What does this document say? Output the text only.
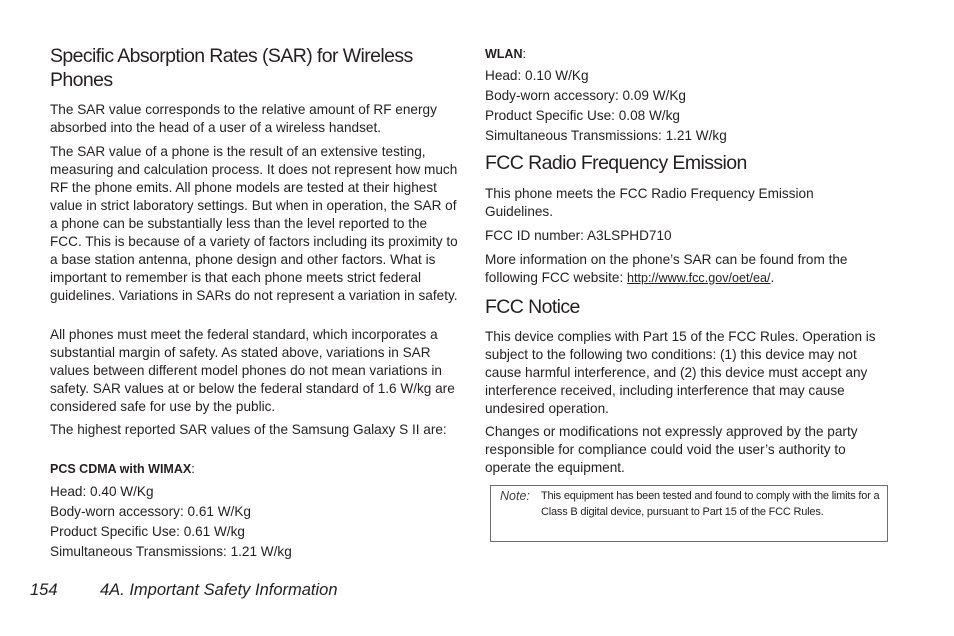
Specific Absorption Rates (SAR) for Wireless Phones

The SAR value corresponds to the relative amount of RF energy absorbed into the head of a user of a wireless handset.

The SAR value of a phone is the result of an extensive testing, measuring and calculation process. It does not represent how much RF the phone emits. All phone models are tested at their highest value in strict laboratory settings. But when in operation, the SAR of a phone can be substantially less than the level reported to the FCC. This is because of a variety of factors including its proximity to a base station antenna, phone design and other factors. What is important to remember is that each phone meets strict federal guidelines. Variations in SARs do not represent a variation in safety.

All phones must meet the federal standard, which incorporates a substantial margin of safety. As stated above, variations in SAR values between different model phones do not mean variations in safety. SAR values at or below the federal standard of 1.6 W/kg are considered safe for use by the public.

The highest reported SAR values of the Samsung Galaxy S II are:

PCS CDMA with WIMAX:
Head: 0.40 W/Kg
Body-worn accessory: 0.61 W/Kg
Product Specific Use: 0.61 W/kg
Simultaneous Transmissions: 1.21 W/kg
WLAN:
Head: 0.10 W/Kg
Body-worn accessory: 0.09 W/Kg
Product Specific Use: 0.08 W/kg
Simultaneous Transmissions: 1.21 W/kg
FCC Radio Frequency Emission

This phone meets the FCC Radio Frequency Emission Guidelines.

FCC ID number: A3LSPHD710

More information on the phone’s SAR can be found from the following FCC website: http://www.fcc.gov/oet/ea/.

FCC Notice

This device complies with Part 15 of the FCC Rules. Operation is subject to the following two conditions: (1) this device may not cause harmful interference, and (2) this device must accept any interference received, including interference that may cause undesired operation.

Changes or modifications not expressly approved by the party responsible for compliance could void the user’s authority to operate the equipment.

Note: This equipment has been tested and found to comply with the limits for a Class B digital device, pursuant to Part 15 of the FCC Rules.
154	4A. Important Safety Information
